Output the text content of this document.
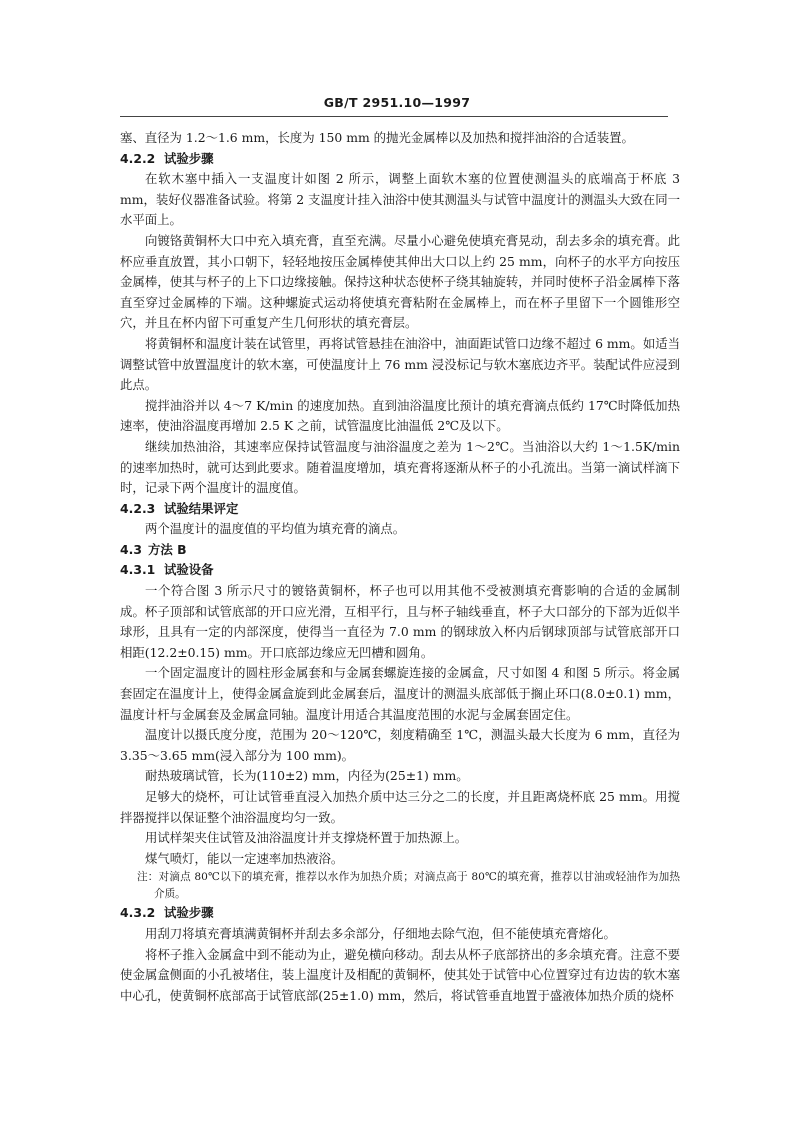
GB/T 2951.10—1997

塞、直径为 1.2～1.6 mm，长度为 150 mm 的抛光金属棒以及加热和搅拌油浴的合适装置。

4.2.2 试验步骤

在软木塞中插入一支温度计如图 2 所示，调整上面软木塞的位置使测温头的底端高于杯底 3 mm，装好仪器准备试验。将第 2 支温度计挂入油浴中使其测温头与试管中温度计的测温头大致在同一水平面上。

向镀铬黄铜杯大口中充入填充膏，直至充满。尽量小心避免使填充膏晃动，刮去多余的填充膏。此杯应垂直放置，其小口朝下，轻轻地按压金属棒使其伸出大口以上约 25 mm，向杯子的水平方向按压金属棒，使其与杯子的上下口边缘接触。保持这种状态使杯子绕其轴旋转，并同时使杯子沿金属棒下落直至穿过金属棒的下端。这种螺旋式运动将使填充膏粘附在金属棒上，而在杯子里留下一个圆锥形空穴，并且在杯内留下可重复产生几何形状的填充膏层。

将黄铜杯和温度计装在试管里，再将试管悬挂在油浴中，油面距试管口边缘不超过 6 mm。如适当调整试管中放置温度计的软木塞，可使温度计上 76 mm 浸没标记与软木塞底边齐平。装配试件应浸到此点。

搅拌油浴并以 4～7 K/min 的速度加热。直到油浴温度比预计的填充膏滴点低约 17℃时降低加热速率，使油浴温度再增加 2.5 K 之前，试管温度比油温低 2℃及以下。

继续加热油浴，其速率应保持试管温度与油浴温度之差为 1～2℃。当油浴以大约 1～1.5K/min 的速率加热时，就可达到此要求。随着温度增加，填充膏将逐渐从杯子的小孔流出。当第一滴试样滴下时，记录下两个温度计的温度值。

4.2.3 试验结果评定

两个温度计的温度值的平均值为填充膏的滴点。

4.3 方法 B

4.3.1 试验设备

一个符合图 3 所示尺寸的镀铬黄铜杯，杯子也可以用其他不受被测填充膏影响的合适的金属制成。杯子顶部和试管底部的开口应光滑，互相平行，且与杯子轴线垂直，杯子大口部分的下部为近似半球形，且具有一定的内部深度，使得当一直径为 7.0 mm 的钢球放入杯内后钢球顶部与试管底部开口相距(12.2±0.15) mm。开口底部边缘应无凹槽和圆角。

一个固定温度计的圆柱形金属套和与金属套螺旋连接的金属盒，尺寸如图 4 和图 5 所示。将金属套固定在温度计上，使得金属盒旋到此金属套后，温度计的测温头底部低于搁止环口(8.0±0.1) mm，温度计杆与金属套及金属盒同轴。温度计用适合其温度范围的水泥与金属套固定住。

温度计以摄氏度分度，范围为 20～120℃，刻度精确至 1℃，测温头最大长度为 6 mm，直径为 3.35～3.65 mm(浸入部分为 100 mm)。

耐热玻璃试管，长为(110±2) mm，内径为(25±1) mm。

足够大的烧杯，可让试管垂直浸入加热介质中达三分之二的长度，并且距离烧杯底 25 mm。用搅拌器搅拌以保证整个油浴温度均匀一致。

用试样架夹住试管及油浴温度计并支撑烧杯置于加热源上。

煤气喷灯，能以一定速率加热液浴。

注：对滴点 80℃以下的填充膏，推荐以水作为加热介质；对滴点高于 80℃的填充膏，推荐以甘油或轻油作为加热介质。

4.3.2 试验步骤

用刮刀将填充膏填满黄铜杯并刮去多余部分，仔细地去除气泡，但不能使填充膏熔化。

将杯子推入金属盒中到不能动为止，避免横向移动。刮去从杯子底部挤出的多余填充膏。注意不要使金属盒侧面的小孔被堵住，装上温度计及相配的黄铜杯，使其处于试管中心位置穿过有边齿的软木塞中心孔，使黄铜杯底部高于试管底部(25±1.0) mm，然后，将试管垂直地置于盛液体加热介质的烧杯
